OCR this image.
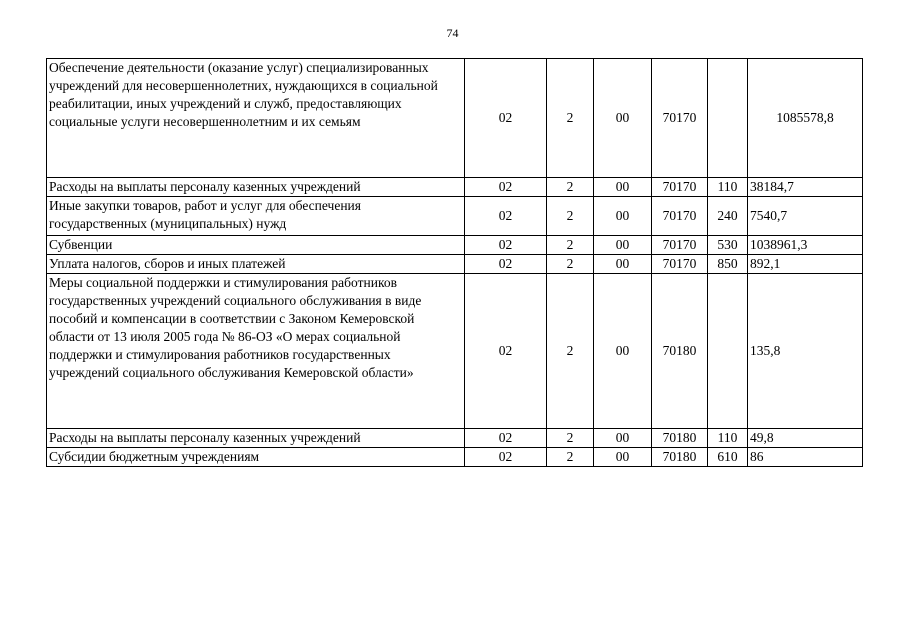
74
Обеспечение деятельности (оказание услуг) специализированных учреждений для несовершеннолетних, нуждающихся в социальной реабилитации, иных учреждений и служб, предоставляющих социальные услуги несовершеннолетним и их семьям	02	2	00	70170		1085578,8
Расходы на выплаты персоналу казенных учреждений	02	2	00	70170	110	38184,7
Иные закупки товаров, работ и услуг для обеспечения государственных (муниципальных) нужд	02	2	00	70170	240	7540,7
Субвенции	02	2	00	70170	530	1038961,3
Уплата налогов, сборов и иных платежей	02	2	00	70170	850	892,1
Меры социальной поддержки и стимулирования работников государственных учреждений социального обслуживания в виде пособий и компенсации в соответствии с Законом Кемеровской области от 13 июля 2005 года № 86-ОЗ «О мерах социальной поддержки и стимулирования работников государственных учреждений социального обслуживания Кемеровской области»	02	2	00	70180		135,8
Расходы на выплаты персоналу казенных учреждений	02	2	00	70180	110	49,8
Субсидии бюджетным учреждениям	02	2	00	70180	610	86
